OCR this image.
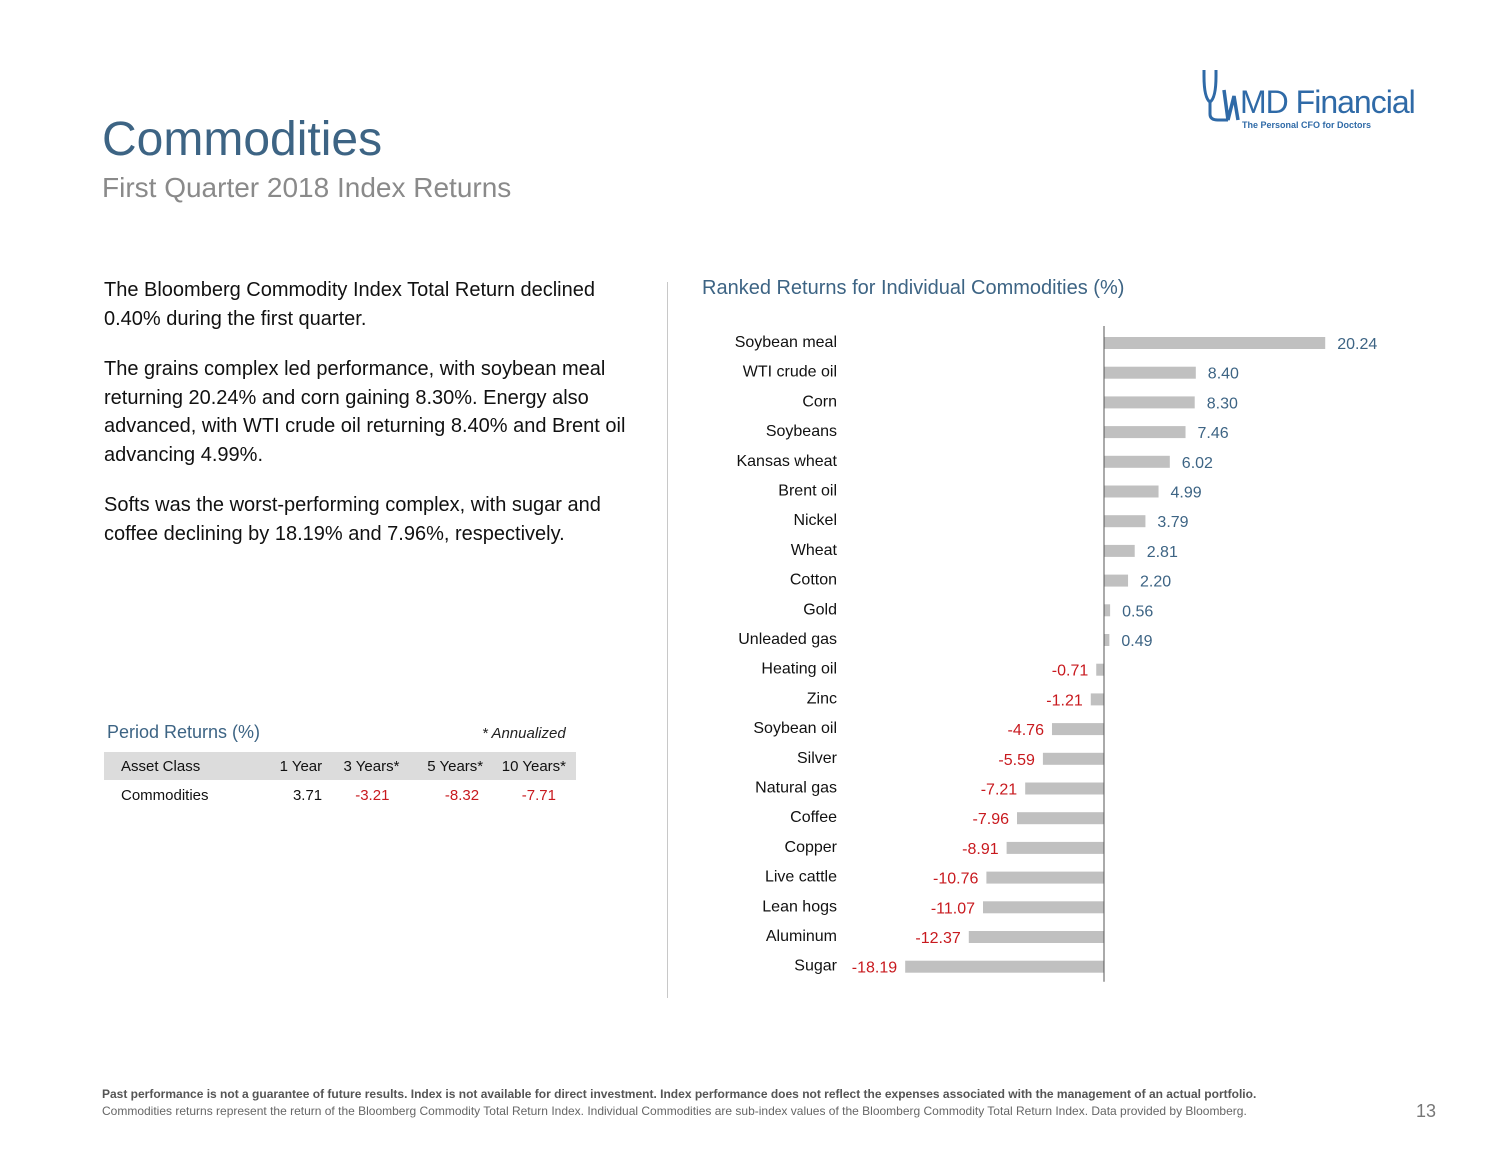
Commodities
First Quarter 2018 Index Returns
MD Financial
The Personal CFO for Doctors
The Bloomberg Commodity Index Total Return declined 0.40% during the first quarter.
The grains complex led performance, with soybean meal returning 20.24% and corn gaining 8.30%. Energy also advanced, with WTI crude oil returning 8.40% and Brent oil advancing 4.99%.
Softs was the worst-performing complex, with sugar and coffee declining by 18.19% and 7.96%, respectively.
Period Returns (%)	* Annualized
Asset Class	1 Year	3 Years*	5 Years*	10 Years*
Commodities	3.71	-3.21	-8.32	-7.71
Ranked Returns for Individual Commodities (%)
Soybean meal	20.24
WTI crude oil	8.40
Corn	8.30
Soybeans	7.46
Kansas wheat	6.02
Brent oil	4.99
Nickel	3.79
Wheat	2.81
Cotton	2.20
Gold	0.56
Unleaded gas	0.49
Heating oil	-0.71
Zinc	-1.21
Soybean oil	-4.76
Silver	-5.59
Natural gas	-7.21
Coffee	-7.96
Copper	-8.91
Live cattle	-10.76
Lean hogs	-11.07
Aluminum	-12.37
Sugar -18.19
Past performance is not a guarantee of future results. Index is not available for direct investment. Index performance does not reflect the expenses associated with the management of an actual portfolio.
Commodities returns represent the return of the Bloomberg Commodity Total Return Index. Individual Commodities are sub-index values of the Bloomberg Commodity Total Return Index. Data provided by Bloomberg.	13
